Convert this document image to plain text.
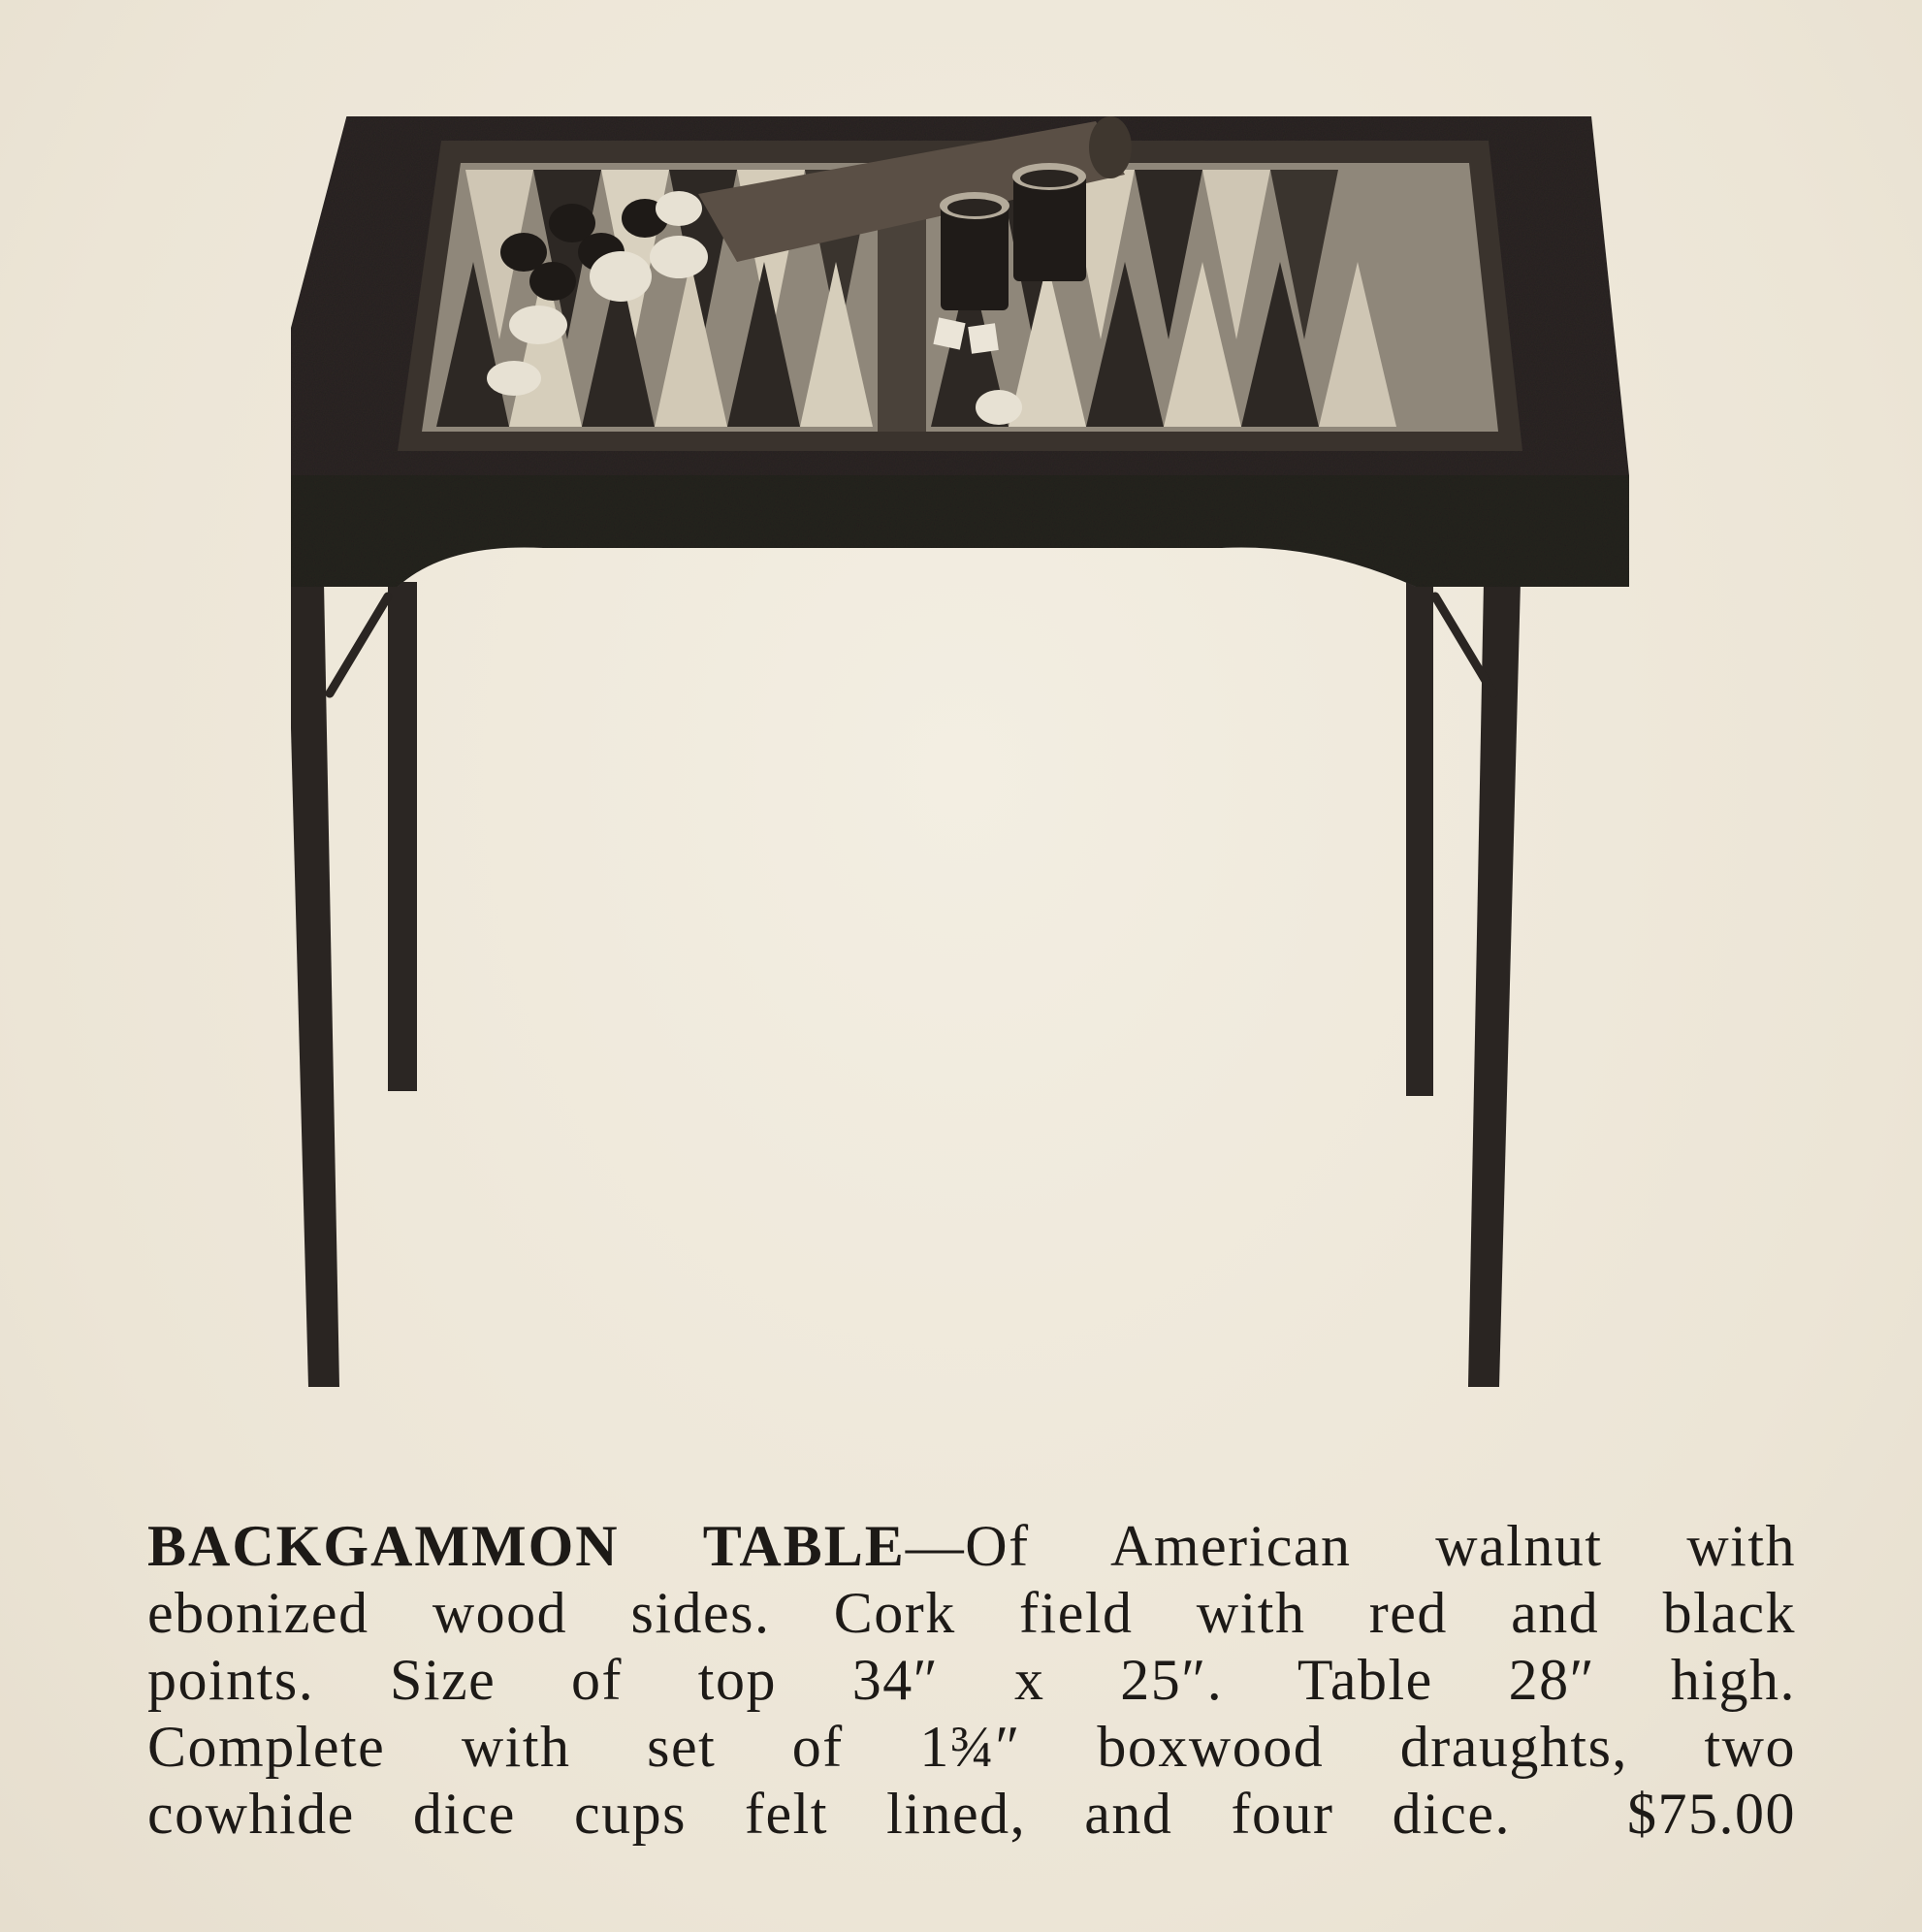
BACKGAMMON TABLE—Of American walnut with
ebonized wood sides. Cork field with red and black
points. Size of top 34″ x 25″. Table 28″ high.
Complete with set of 1¾″ boxwood draughts, two
cowhide dice cups felt lined, and four dice. $75.00
